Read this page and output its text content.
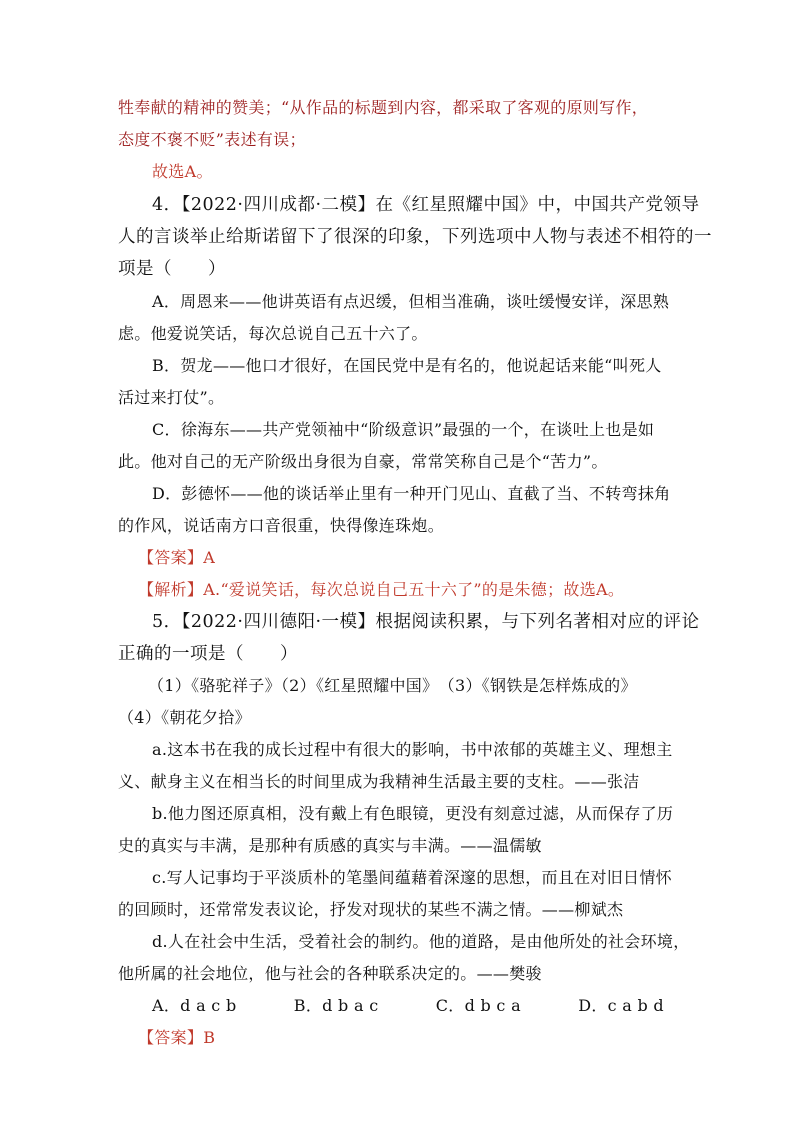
牲奉献的精神的赞美；“从作品的标题到内容，都采取了客观的原则写作，
态度不褒不贬”表述有误；
故选A。
4．【2022·四川成都·二模】在《红星照耀中国》中，中国共产党领导
人的言谈举止给斯诺留下了很深的印象，下列选项中人物与表述不相符的一
项是（　　）
A．周恩来——他讲英语有点迟缓，但相当准确，谈吐缓慢安详，深思熟
虑。他爱说笑话，每次总说自己五十六了。
B．贺龙——他口才很好，在国民党中是有名的，他说起话来能“叫死人
活过来打仗”。
C．徐海东——共产党领袖中“阶级意识”最强的一个，在谈吐上也是如
此。他对自己的无产阶级出身很为自豪，常常笑称自己是个“苦力”。
D．彭德怀——他的谈话举止里有一种开门见山、直截了当、不转弯抹角
的作风，说话南方口音很重，快得像连珠炮。
【答案】A
【解析】A.“爱说笑话，每次总说自己五十六了”的是朱德；故选A。
5．【2022·四川德阳·一模】根据阅读积累，与下列名著相对应的评论
正确的一项是（　　）
（1）《骆驼祥子》（2）《红星照耀中国》　（3）《钢铁是怎样炼成的》
（4）《朝花夕拾》
a.这本书在我的成长过程中有很大的影响，书中浓郁的英雄主义、理想主
义、献身主义在相当长的时间里成为我精神生活最主要的支柱。——张洁
b.他力图还原真相，没有戴上有色眼镜，更没有刻意过滤，从而保存了历
史的真实与丰满，是那种有质感的真实与丰满。——温儒敏
c.写人记事均于平淡质朴的笔墨间蕴藉着深邃的思想，而且在对旧日情怀
的回顾时，还常常发表议论，抒发对现状的某些不满之情。——柳斌杰
d.人在社会中生活，受着社会的制约。他的道路，是由他所处的社会环境，
他所属的社会地位，他与社会的各种联系决定的。——樊骏
A．d a c b	B．d b a c	C．d b c a	D．c a b d
【答案】B
